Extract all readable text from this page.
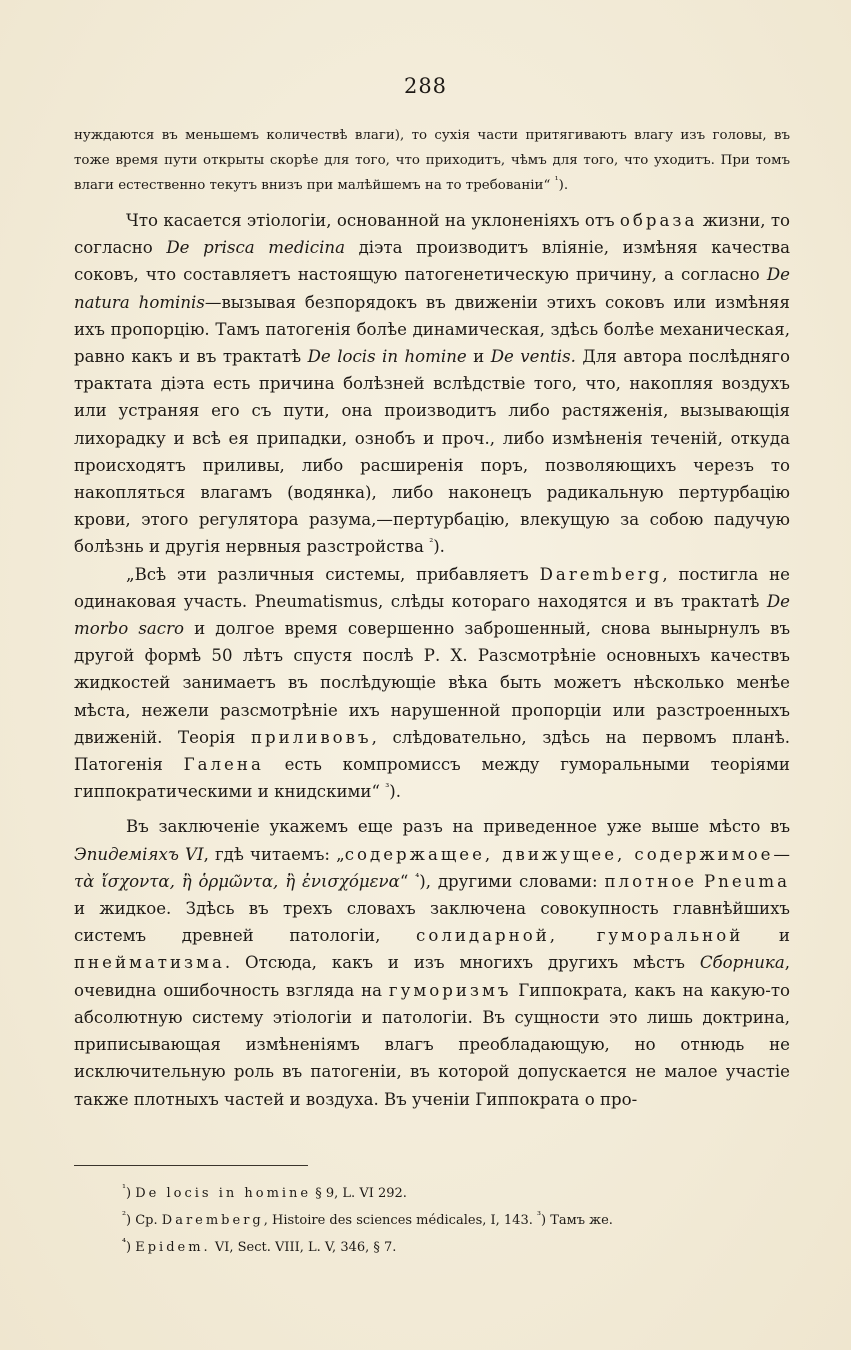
288

нуждаются въ меньшемъ количествѣ влаги), то сухія части притягиваютъ влагу изъ головы, въ тоже время пути открыты скорѣе для того, что приходитъ, чѣмъ для того, что уходитъ. При томъ влаги естественно текутъ внизъ при малѣйшемъ на то требованіи“ $^{^1}$).

Что касается этіологіи, основанной на уклоненіяхъ отъ образа жизни, то согласно De prisca medicina діэта производитъ вліяніе, измѣняя качества соковъ, что составляетъ настоящую патогенетическую причину, а согласно De natura hominis—вызывая безпорядокъ въ движеніи этихъ соковъ или измѣняя ихъ пропорцію. Тамъ патогенія болѣе динамическая, здѣсь болѣе механическая, равно какъ и въ трактатѣ De locis in homine и De ventis. Для автора послѣдняго трактата діэта есть причина болѣзней вслѣдствіе того, что, накопляя воздухъ или устраняя его съ пути, она производитъ либо растяженія, вызывающія лихорадку и всѣ ея припадки, ознобъ и проч., либо измѣненія теченій, откуда происходятъ приливы, либо расширенія поръ, позволяющихъ черезъ то накопляться влагамъ (водянка), либо наконецъ радикальную пертурбацію крови, этого регулятора разума,—пертурбацію, влекущую за собою падучую болѣзнь и другія нервныя разстройства $^{^2}$).

„Всѣ эти различныя системы, прибавляетъ Daremberg, постигла не одинаковая участь. Pneumatismus, слѣды котораго находятся и въ трактатѣ De morbo sacro и долгое время совершенно заброшенный, снова вынырнулъ въ другой формѣ 50 лѣтъ спустя послѣ Р. Х. Разсмотрѣніе основныхъ качествъ жидкостей занимаетъ въ послѣдующіе вѣка быть можетъ нѣсколько менѣе мѣста, нежели разсмотрѣніе ихъ нарушенной пропорціи или разстроенныхъ движеній. Теорія приливовъ, слѣдовательно, здѣсь на первомъ планѣ. Патогенія Галена есть компромиссъ между гуморальными теоріями гиппократическими и книдскими“ $^{^3}$).

Въ заключеніе укажемъ еще разъ на приведенное уже выше мѣсто въ Эпидеміяхъ VI, гдѣ читаемъ: „содержащее, движущее, содержимое—τὰ ἴσχοντα, ἢ ὁρμῶντα, ἢ ἐνισχόμενα“ $^{^4}$), другими словами: плотное Pneuma и жидкое. Здѣсь въ трехъ словахъ заключена совокупность главнѣйшихъ системъ древней патологіи, солидарной, гуморальной и пнейматизма. Отсюда, какъ и изъ многихъ другихъ мѣстъ Сборника, очевидна ошибочность взгляда на гуморизмъ Гиппократа, какъ на какую-то абсолютную систему этіологіи и патологіи. Въ сущности это лишь доктрина, приписывающая измѣненіямъ влагъ преобладающую, но отнюдь не исключительную роль въ патогеніи, въ которой допускается не малое участіе также плотныхъ частей и воздуха. Въ ученіи Гиппократа о про-

$^{^1}$) De locis in homine § 9, L. VI 292.
$^{^2}$) Cp. Daremberg, Histoire des sciences médicales, I, 143. $^{^3}$) Тамъ же.
$^{^4}$) Epidem. VI, Sect. VIII, L. V, 346, § 7.
